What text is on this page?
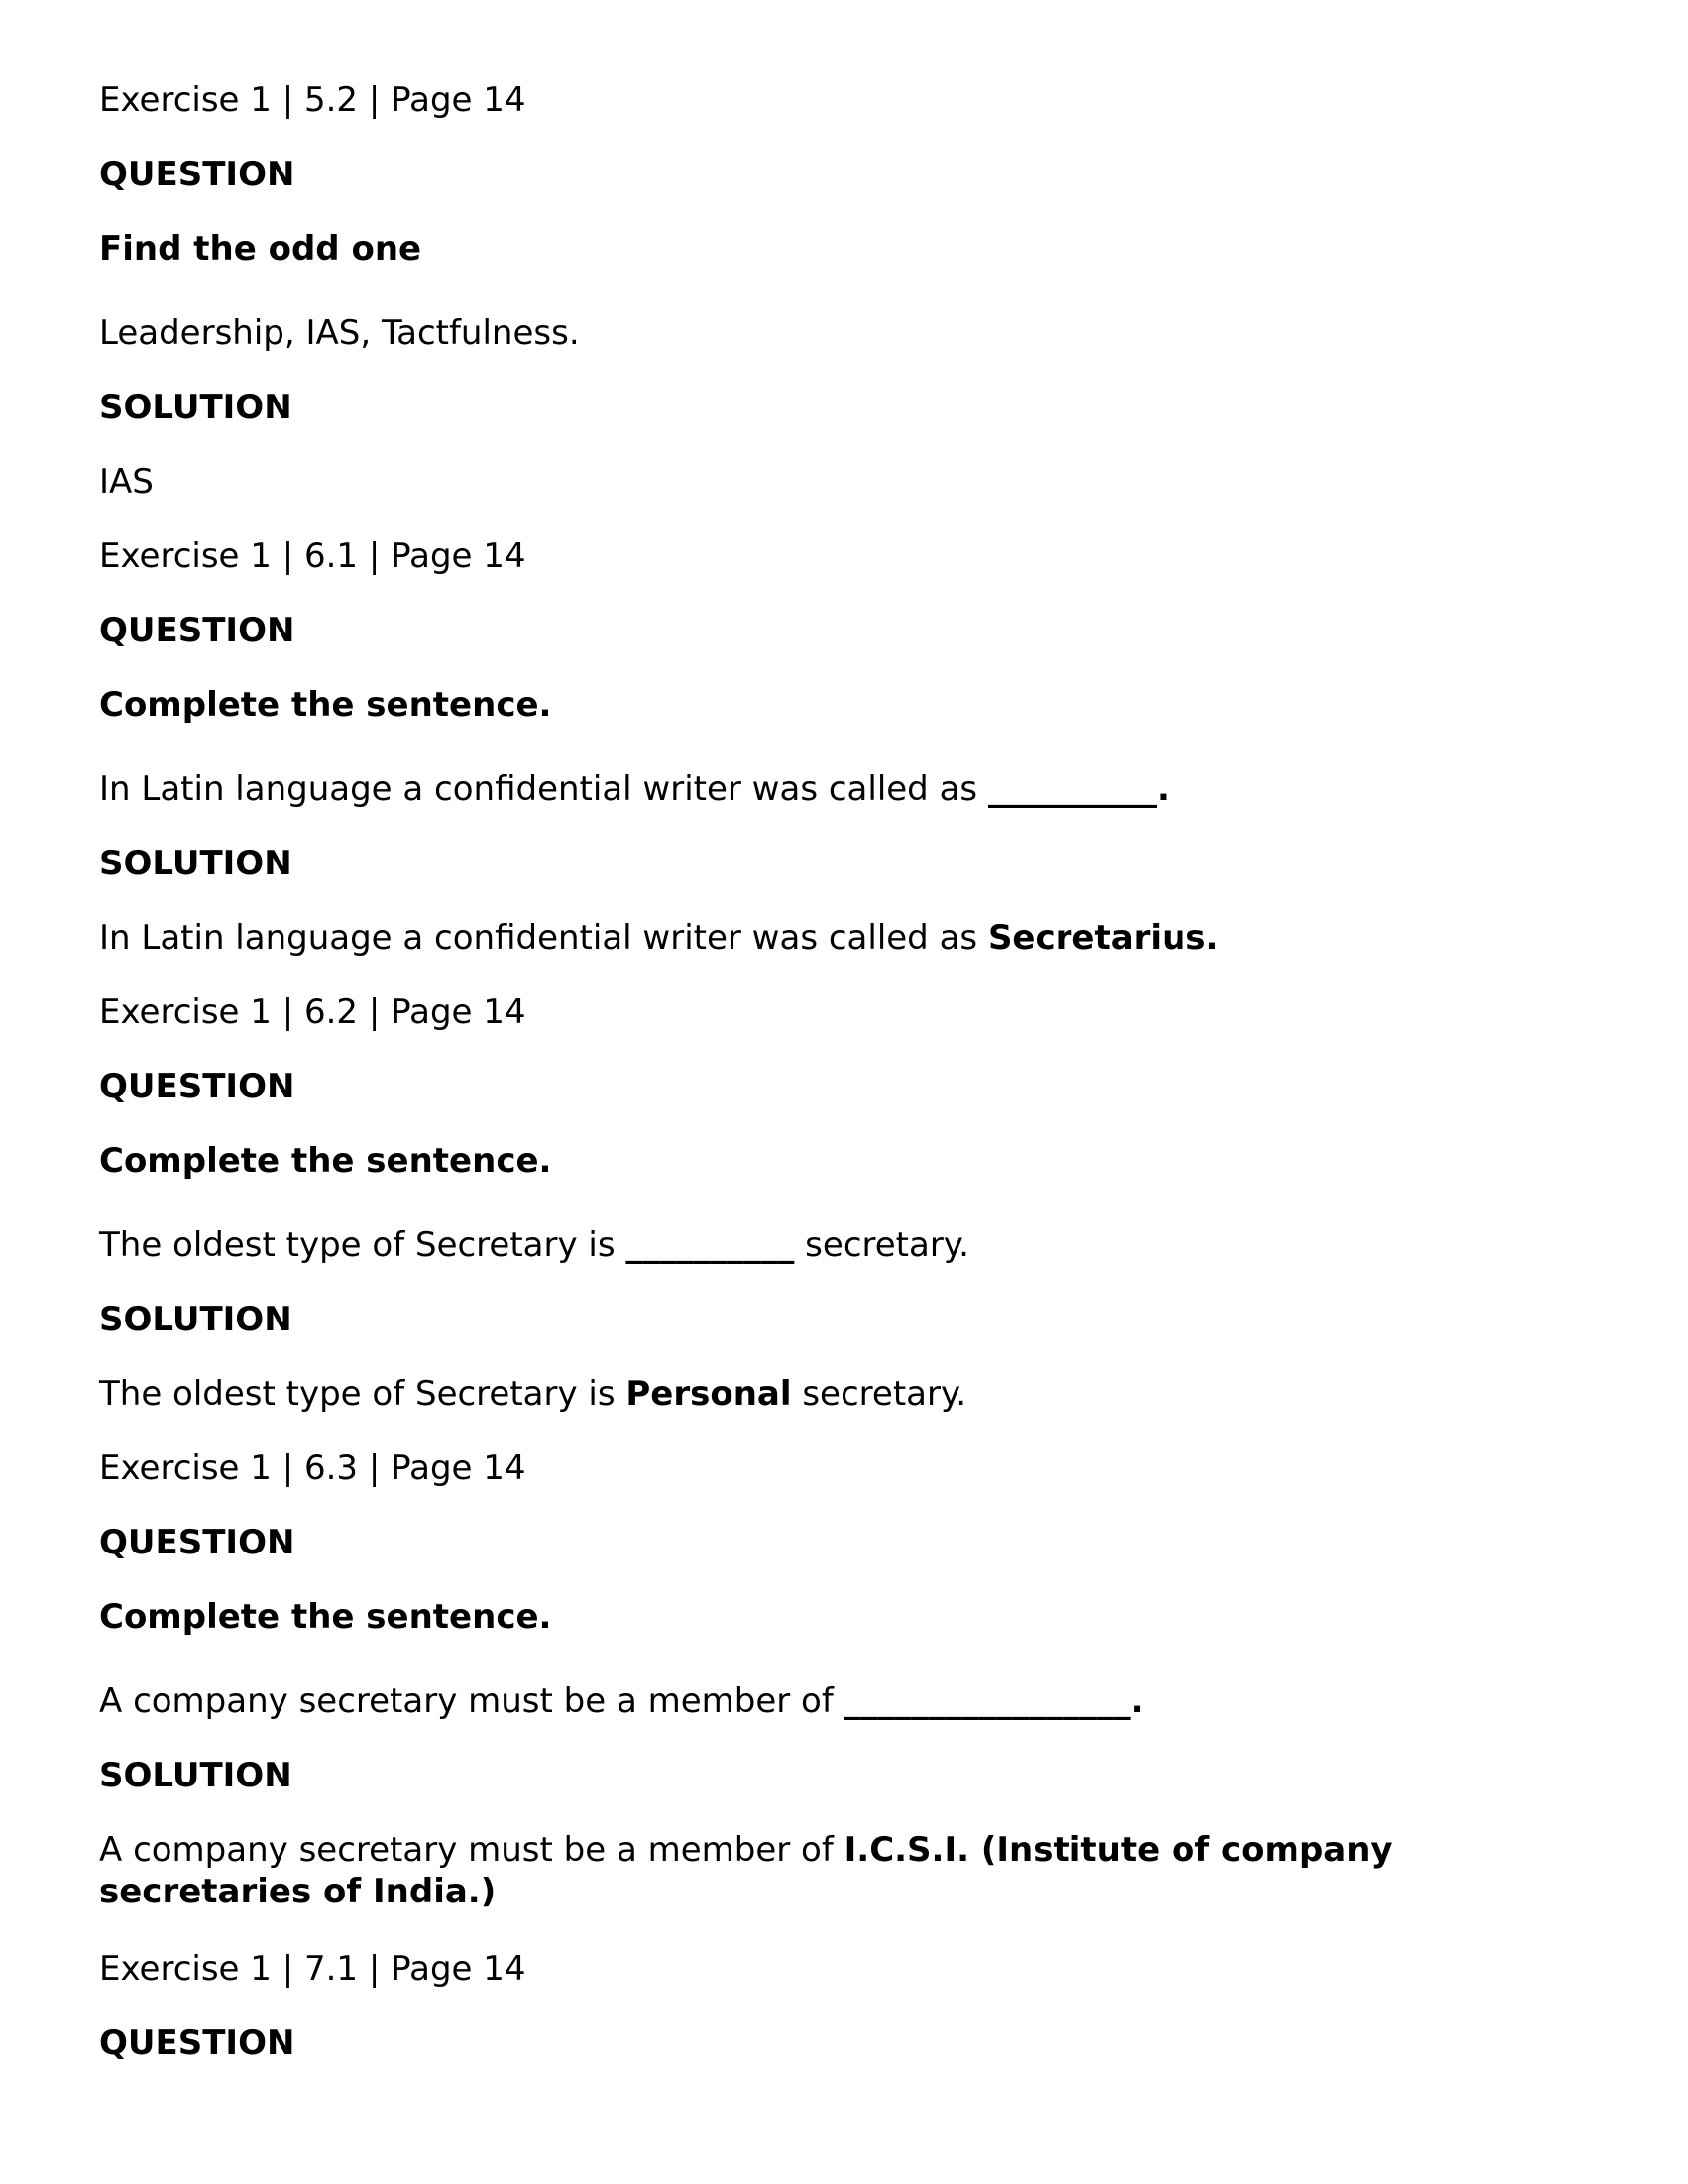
Exercise 1 | 5.2 | Page 14

QUESTION

Find the odd one

Leadership, IAS, Tactfulness.

SOLUTION

IAS

Exercise 1 | 6.1 | Page 14

QUESTION

Complete the sentence.

In Latin language a confidential writer was called as __________.

SOLUTION

In Latin language a confidential writer was called as Secretarius.

Exercise 1 | 6.2 | Page 14

QUESTION

Complete the sentence.

The oldest type of Secretary is __________ secretary.

SOLUTION

The oldest type of Secretary is Personal secretary.

Exercise 1 | 6.3 | Page 14

QUESTION

Complete the sentence.

A company secretary must be a member of _________________.

SOLUTION

A company secretary must be a member of I.C.S.I. (Institute of company secretaries of India.)

Exercise 1 | 7.1 | Page 14

QUESTION
